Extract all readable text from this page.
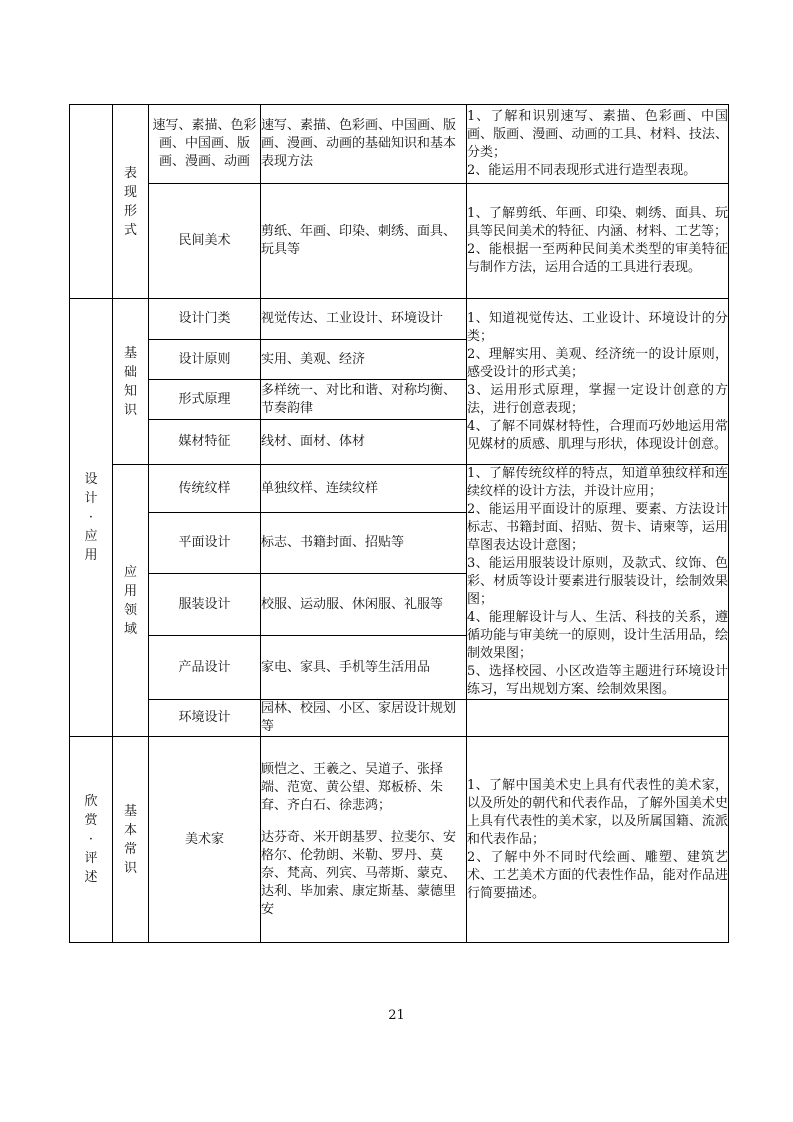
	表现形式	速写、素描、色彩画、中国画、版画、漫画、动画	速写、素描、色彩画、中国画、版画、漫画、动画的基础知识和基本表现方法	1、了解和识别速写、素描、色彩画、中国画、版画、漫画、动画的工具、材料、技法、分类；
2、能运用不同表现形式进行造型表现。

		民间美术	剪纸、年画、印染、刺绣、面具、玩具等	1、了解剪纸、年画、印染、刺绣、面具、玩具等民间美术的特征、内涵、材料、工艺等；
2、能根据一至两种民间美术类型的审美特征与制作方法，运用合适的工具进行表现。

设计·应用	基础知识	设计门类	视觉传达、工业设计、环境设计	1、知道视觉传达、工业设计、环境设计的分类；
2、理解实用、美观、经济统一的设计原则，感受设计的形式美；
3、运用形式原理，掌握一定设计创意的方法，进行创意表现；
4、了解不同媒材特性，合理而巧妙地运用常见媒材的质感、肌理与形状，体现设计创意。

		设计原则	实用、美观、经济	
		形式原理	多样统一、对比和谐、对称均衡、节奏韵律	
		媒材特征	线材、面材、体材	
	应用领域	传统纹样	单独纹样、连续纹样	1、了解传统纹样的特点，知道单独纹样和连续纹样的设计方法，并设计应用；
2、能运用平面设计的原理、要素、方法设计标志、书籍封面、招贴、贺卡、请柬等，运用草图表达设计意图；
3、能运用服装设计原则，及款式、纹饰、色彩、材质等设计要素进行服装设计，绘制效果图；
4、能理解设计与人、生活、科技的关系，遵循功能与审美统一的原则，设计生活用品，绘制效果图；
5、选择校园、小区改造等主题进行环境设计练习，写出规划方案、绘制效果图。

		平面设计	标志、书籍封面、招贴等	
		服装设计	校服、运动服、休闲服、礼服等	
		产品设计	家电、家具、手机等生活用品	
		环境设计	园林、校园、小区、家居设计规划等	
欣赏·评述	基本常识	美术家	顾恺之、王羲之、吴道子、张择端、范宽、黄公望、郑板桥、朱耷、齐白石、徐悲鸿；
达芬奇、米开朗基罗、拉斐尔、安格尔、伦勃朗、米勒、罗丹、莫奈、梵高、列宾、马蒂斯、蒙克、达利、毕加索、康定斯基、蒙德里安	1、了解中国美术史上具有代表性的美术家，以及所处的朝代和代表作品，了解外国美术史上具有代表性的美术家，以及所属国籍、流派和代表作品；
2、了解中外不同时代绘画、雕塑、建筑艺术、工艺美术方面的代表性作品，能对作品进行简要描述。
21
